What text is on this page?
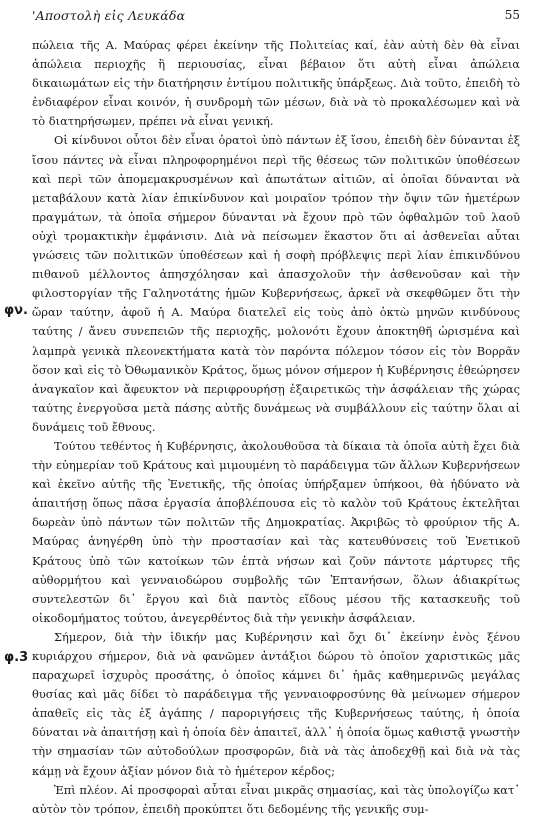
'Αποστολὴ εἰς Λευκάδα	55
φν.
φ.3

πώλεια τῆς Α. Μαύρας φέρει ἐκείνην τῆς Πολιτείας καί, ἐὰν αὐτὴ δὲν θὰ εἶναι ἀπώλεια περιοχῆς ἢ περιουσίας, εἶναι βέβαιον ὅτι αὐτὴ εἶναι ἀπώλεια δικαιωμάτων εἰς τὴν διατήρησιν ἐντίμου πολιτικῆς ὑπάρξεως. Διὰ τοῦτο, ἐπειδὴ τὸ ἐνδιαφέρον εἶναι κοινόν, ἡ συνδρομὴ τῶν μέσων, διὰ νὰ τὸ προκαλέσωμεν καὶ νὰ τὸ διατηρήσωμεν, πρέπει νὰ εἶναι γενική.

Οἱ κίνδυνοι οὗτοι δὲν εἶναι ὁρατοὶ ὑπὸ πάντων ἐξ ἴσου, ἐπειδὴ δὲν δύνανται ἐξ ἴσου πάντες νὰ εἶναι πληροφορημένοι περὶ τῆς θέσεως τῶν πολιτικῶν ὑποθέσεων καὶ περὶ τῶν ἀπομεμακρυσμένων καὶ ἀπωτάτων αἰτιῶν, αἱ ὁποῖαι δύνανται νὰ μεταβάλουν κατὰ λίαν ἐπικίνδυνον καὶ μοιραῖον τρόπον τὴν ὄψιν τῶν ἡμετέρων πραγμάτων, τὰ ὁποῖα σήμερον δύνανται νὰ ἔχουν πρὸ τῶν ὀφθαλμῶν τοῦ λαοῦ οὐχὶ τρομακτικὴν ἐμφάνισιν. Διὰ νὰ πείσωμεν ἕκαστον ὅτι αἱ ἀσθενεῖαι αὗται γνώσεις τῶν πολιτικῶν ὑποθέσεων καὶ ἡ σοφὴ πρόβλεψις περὶ λίαν ἐπικινδύνου πιθανοῦ μέλλοντος ἀπησχόλησαν καὶ ἀπασχολοῦν τὴν ἀσθενοῦσαν καὶ τὴν φιλοστοργίαν τῆς Γαληνοτάτης ἡμῶν Κυβερνήσεως, ἀρκεῖ νὰ σκεφθῶμεν ὅτι τὴν ὥραν ταύτην, ἀφοῦ ἡ Α. Μαύρα διατελεῖ εἰς τοὺς ἀπὸ ὀκτὼ μηνῶν κινδύνους ταύτης / ἄνευ συνεπειῶν τῆς περιοχῆς, μολονότι ἔχουν ἀποκτηθῆ ὡρισμένα καὶ λαμπρὰ γενικὰ πλεονεκτήματα κατὰ τὸν παρόντα πόλεμον τόσον εἰς τὸν Βορρᾶν ὅσον καὶ εἰς τὸ Ὀθωμανικὸν Κράτος, ὅμως μόνον σήμερον ἡ Κυβέρνησις ἐθεώρησεν ἀναγκαῖον καὶ ἄφευκτον νὰ περιφρουρήσῃ ἐξαιρετικῶς τὴν ἀσφάλειαν τῆς χώρας ταύτης ἐνεργοῦσα μετὰ πάσης αὐτῆς δυνάμεως νὰ συμβάλλουν εἰς ταύτην ὅλαι αἱ δυνάμεις τοῦ ἔθνους.

Τούτου τεθέντος ἡ Κυβέρνησις, ἀκολουθοῦσα τὰ δίκαια τὰ ὁποῖα αὐτὴ ἔχει διὰ τὴν εὐημερίαν τοῦ Κράτους καὶ μιμουμένη τὸ παράδειγμα τῶν ἄλλων Κυβερνήσεων καὶ ἐκεῖνο αὐτῆς τῆς Ἐνετικῆς, τῆς ὁποίας ὑπήρξαμεν ὑπήκοοι, θὰ ἠδύνατο νὰ ἀπαιτήσῃ ὅπως πᾶσα ἐργασία ἀποβλέπουσα εἰς τὸ καλὸν τοῦ Κράτους ἐκτελῆται δωρεὰν ὑπὸ πάντων τῶν πολιτῶν τῆς Δημοκρατίας. Ἀκριβῶς τὸ φρούριον τῆς Α. Μαύρας ἀνηγέρθη ὑπὸ τὴν προστασίαν καὶ τὰς κατευθύνσεις τοῦ Ἐνετικοῦ Κράτους ὑπὸ τῶν κατοίκων τῶν ἑπτὰ νήσων καὶ ζοῦν πάντοτε μάρτυρες τῆς αὐθορμήτου καὶ γενναιοδώρου συμβολῆς τῶν Ἑπτανήσων, ὅλων ἀδιακρίτως συντελεστῶν δι᾽ ἔργου καὶ διὰ παντὸς εἴδους μέσου τῆς κατασκευῆς τοῦ οἰκοδομήματος τούτου, ἀνεγερθέντος διὰ τὴν γενικὴν ἀσφάλειαν.

Σήμερον, διὰ τὴν ἰδικήν μας Κυβέρνησιν καὶ ὄχι δι᾽ ἐκείνην ἑνὸς ξένου κυριάρχου σήμερον, διὰ νὰ φανῶμεν ἀντάξιοι δώρου τὸ ὁποῖον χαριστικῶς μᾶς παραχωρεῖ ἰσχυρὸς προσάτης, ὁ ὁποῖος κάμνει δι᾽ ἡμᾶς καθημερινῶς μεγάλας θυσίας καὶ μᾶς δίδει τὸ παράδειγμα τῆς γενναιοφροσύνης θὰ μείνωμεν σήμερον ἀπαθεῖς εἰς τὰς ἐξ ἀγάπης / παροριγήσεις τῆς Κυβερνήσεως ταύτης, ἡ ὁποία δύναται νὰ ἀπαιτήσῃ καὶ ἡ ὁποία δὲν ἀπαιτεῖ, ἀλλ᾽ ἡ ὁποία ὅμως καθιστᾷ γνωστὴν τὴν σημασίαν τῶν αὐτοδούλων προσφορῶν, διὰ νὰ τὰς ἀποδεχθῇ καὶ διὰ νὰ τὰς κάμῃ νὰ ἔχουν ἀξίαν μόνον διὰ τὸ ἡμέτερον κέρδος;

Ἐπὶ πλέον. Αἱ προσφοραὶ αὗται εἶναι μικρᾶς σημασίας, καὶ τὰς ὑπολογίζω κατ᾽ αὐτὸν τὸν τρόπον, ἐπειδὴ προκύπτει ὅτι δεδομένης τῆς γενικῆς συμ-
